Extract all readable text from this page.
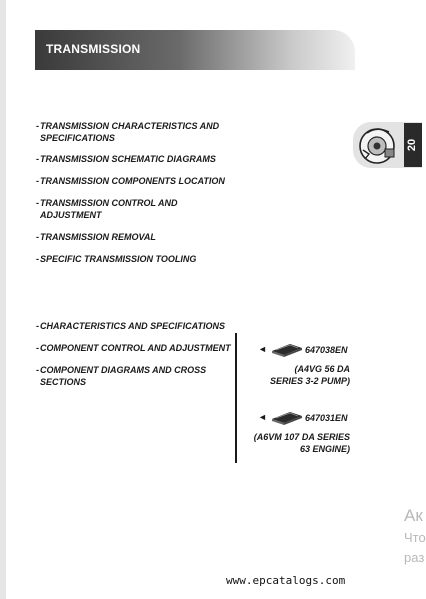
TRANSMISSION
- TRANSMISSION CHARACTERISTICS AND SPECIFICATIONS
- TRANSMISSION SCHEMATIC DIAGRAMS
- TRANSMISSION COMPONENTS LOCATION
- TRANSMISSION CONTROL AND ADJUSTMENT
- TRANSMISSION REMOVAL
- SPECIFIC TRANSMISSION TOOLING
20
- CHARACTERISTICS AND SPECIFICATIONS
- COMPONENT CONTROL AND ADJUSTMENT
- COMPONENT DIAGRAMS AND CROSS SECTIONS
◄	647038EN
(A4VG 56 DA
SERIES 3-2 PUMP)
◄	647031EN
(A6VM 107 DA SERIES
63 ENGINE)
Ак
Что
раз
www.epcatalogs.com
